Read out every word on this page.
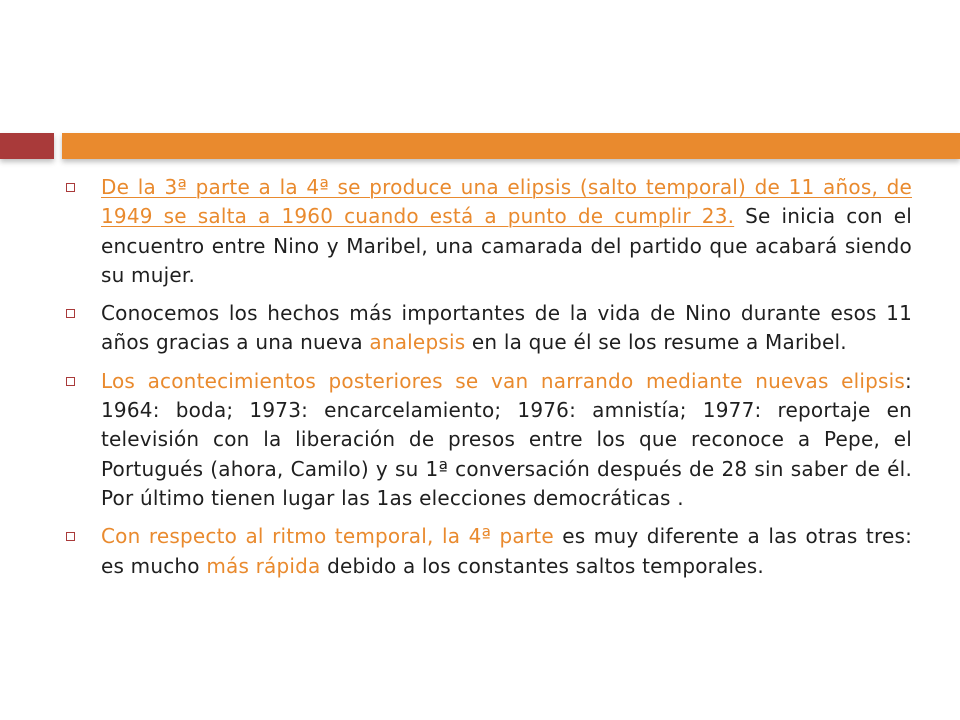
De la 3ª parte a la 4ª se produce una elipsis (salto temporal) de 11 años, de 1949 se salta a 1960 cuando está a punto de cumplir 23. Se inicia con el encuentro entre Nino y Maribel, una camarada del partido que acabará siendo su mujer.
Conocemos los hechos más importantes de la vida de Nino durante esos 11 años gracias a una nueva analepsis en la que él se los resume a Maribel.
Los acontecimientos posteriores se van narrando mediante nuevas elipsis: 1964: boda; 1973: encarcelamiento; 1976: amnistía; 1977: reportaje en televisión con la liberación de presos entre los que reconoce a Pepe, el Portugués (ahora, Camilo) y su 1ª conversación después de 28 sin saber de él. Por último tienen lugar las 1as elecciones democráticas .
Con respecto al ritmo temporal, la 4ª parte es muy diferente a las otras tres: es mucho más rápida debido a los constantes saltos temporales.
